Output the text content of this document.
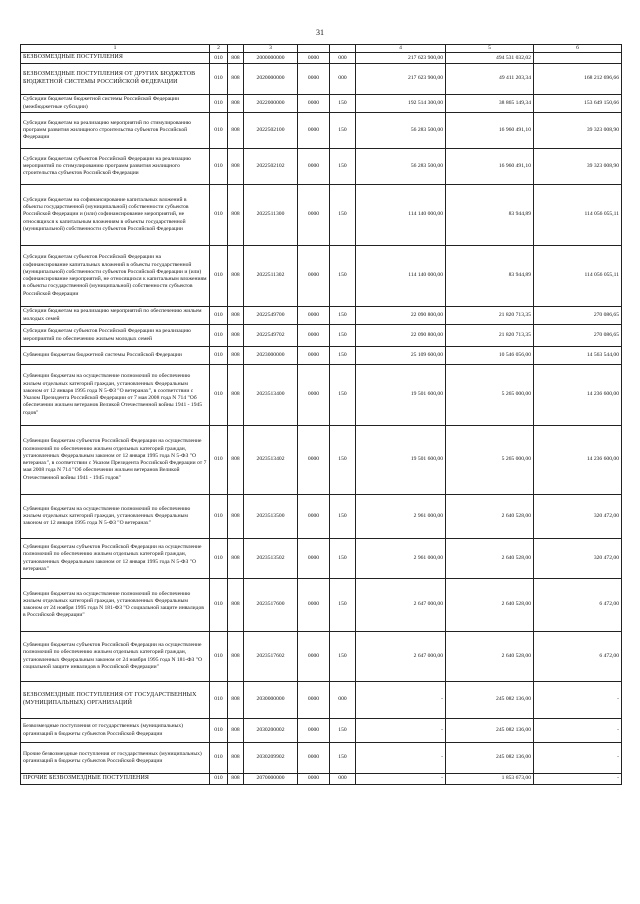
31
1	2		3			4	5	6
БЕЗВОЗМЕЗДНЫЕ ПОСТУПЛЕНИЯ	010	808	2000000000	0000	000	217 623 900,00	494 531 032,02	
БЕЗВОЗМЕЗДНЫЕ ПОСТУПЛЕНИЯ ОТ ДРУГИХ БЮДЖЕТОВ БЮДЖЕТНОЙ СИСТЕМЫ РОССИЙСКОЙ ФЕДЕРАЦИИ	010	808	2020000000	0000	000	217 623 900,00	49 411 203,34	168 212 696,66
Субсидии бюджетам бюджетной системы Российской Федерации (межбюджетные субсидии)	010	808	2022000000	0000	150	192 514 300,00	38 865 149,34	153 649 150,66
Субсидии бюджетам на реализацию мероприятий по стимулированию программ развития жилищного строительства субъектов Российской Федерации	010	808	2022502100	0000	150	56 283 500,00	16 960 491,10	39 323 008,90
Субсидии бюджетам субъектов Российской Федерации на реализацию мероприятий по стимулированию программ развития жилищного строительства субъектов Российской Федерации	010	808	2022502102	0000	150	56 283 500,00	16 960 491,10	39 323 008,90
Субсидии бюджетам на софинансирование капитальных вложений в объекты государственной (муниципальной) собственности субъектов Российской Федерации и (или) софинансирование мероприятий, не относящихся к капитальным вложениям в объекты государственной (муниципальной) собственности субъектов Российской Федерации	010	808	2022511300	0000	150	114 140 000,00	83 944,89	114 056 055,11
Субсидии бюджетам субъектов Российской Федерации на софинансирование капитальных вложений в объекты государственной (муниципальной) собственности субъектов Российской Федерации и (или) софинансирование мероприятий, не относящихся к капитальным вложениям в объекты государственной (муниципальной) собственности субъектов Российской Федерации	010	808	2022511302	0000	150	114 140 000,00	83 944,89	114 056 055,11
Субсидии бюджетам на реализацию мероприятий по обеспечению жильем молодых семей	010	808	2022549700	0000	150	22 090 800,00	21 820 713,35	270 086,65
Субсидии бюджетам субъектов Российской Федерации на реализацию мероприятий по обеспечению жильем молодых семей	010	808	2022549702	0000	150	22 090 800,00	21 820 713,35	270 086,65
Субвенции бюджетам бюджетной системы Российской Федерации	010	808	2023000000	0000	150	25 109 600,00	10 546 056,00	14 563 544,00
Субвенции бюджетам на осуществление полномочий по обеспечению жильем отдельных категорий граждан, установленных Федеральным законом от 12 января 1995 года N 5-ФЗ "О ветеранах", в соответствии с Указом Президента Российской Федерации от 7 мая 2008 года N 714 "Об обеспечении жильем ветеранов Великой Отечественной войны 1941 - 1945 годов"	010	808	2023513400	0000	150	19 501 600,00	5 265 000,00	14 236 600,00
Субвенции бюджетам субъектов Российской Федерации на осуществление полномочий по обеспечению жильем отдельных категорий граждан, установленных Федеральным законом от 12 января 1995 года N 5-ФЗ "О ветеранах", в соответствии с Указом Президента Российской Федерации от 7 мая 2008 года N 714 "Об обеспечении жильем ветеранов Великой Отечественной войны 1941 - 1945 годов"	010	808	2023513402	0000	150	19 501 600,00	5 265 000,00	14 236 600,00
Субвенции бюджетам на осуществление полномочий по обеспечению жильем отдельных категорий граждан, установленных Федеральным законом от 12 января 1995 года N 5-ФЗ "О ветеранах"	010	808	2023513500	0000	150	2 961 000,00	2 640 528,00	320 472,00
Субвенции бюджетам субъектов Российской Федерации на осуществление полномочий по обеспечению жильем отдельных категорий граждан, установленных Федеральным законом от 12 января 1995 года N 5-ФЗ "О ветеранах"	010	808	2023513502	0000	150	2 961 000,00	2 640 528,00	320 472,00
Субвенции бюджетам на осуществление полномочий по обеспечению жильем отдельных категорий граждан, установленных Федеральным законом от 24 ноября 1995 года N 181-ФЗ "О социальной защите инвалидов в Российской Федерации"	010	808	2023517600	0000	150	2 647 000,00	2 640 528,00	6 472,00
Субвенции бюджетам субъектов Российской Федерации на осуществление полномочий по обеспечению жильем отдельных категорий граждан, установленных Федеральным законом от 24 ноября 1995 года N 181-ФЗ "О социальной защите инвалидов в Российской Федерации"	010	808	2023517602	0000	150	2 647 000,00	2 640 528,00	6 472,00
БЕЗВОЗМЕЗДНЫЕ ПОСТУПЛЕНИЯ ОТ ГОСУДАРСТВЕННЫХ (МУНИЦИПАЛЬНЫХ) ОРГАНИЗАЦИЙ	010	808	2030000000	0000	000	-	245 082 136,00	-
Безвозмездные поступления от государственных (муниципальных) организаций в бюджеты субъектов Российской Федерации	010	808	2030200002	0000	150	-	245 082 136,00	-
Прочие безвозмездные поступления от государственных (муниципальных) организаций в бюджеты субъектов Российской Федерации	010	808	2030209902	0000	150	-	245 082 136,00	-
ПРОЧИЕ БЕЗВОЗМЕЗДНЫЕ ПОСТУПЛЕНИЯ	010	808	2070000000	0000	000	-	1 853 673,00	-
